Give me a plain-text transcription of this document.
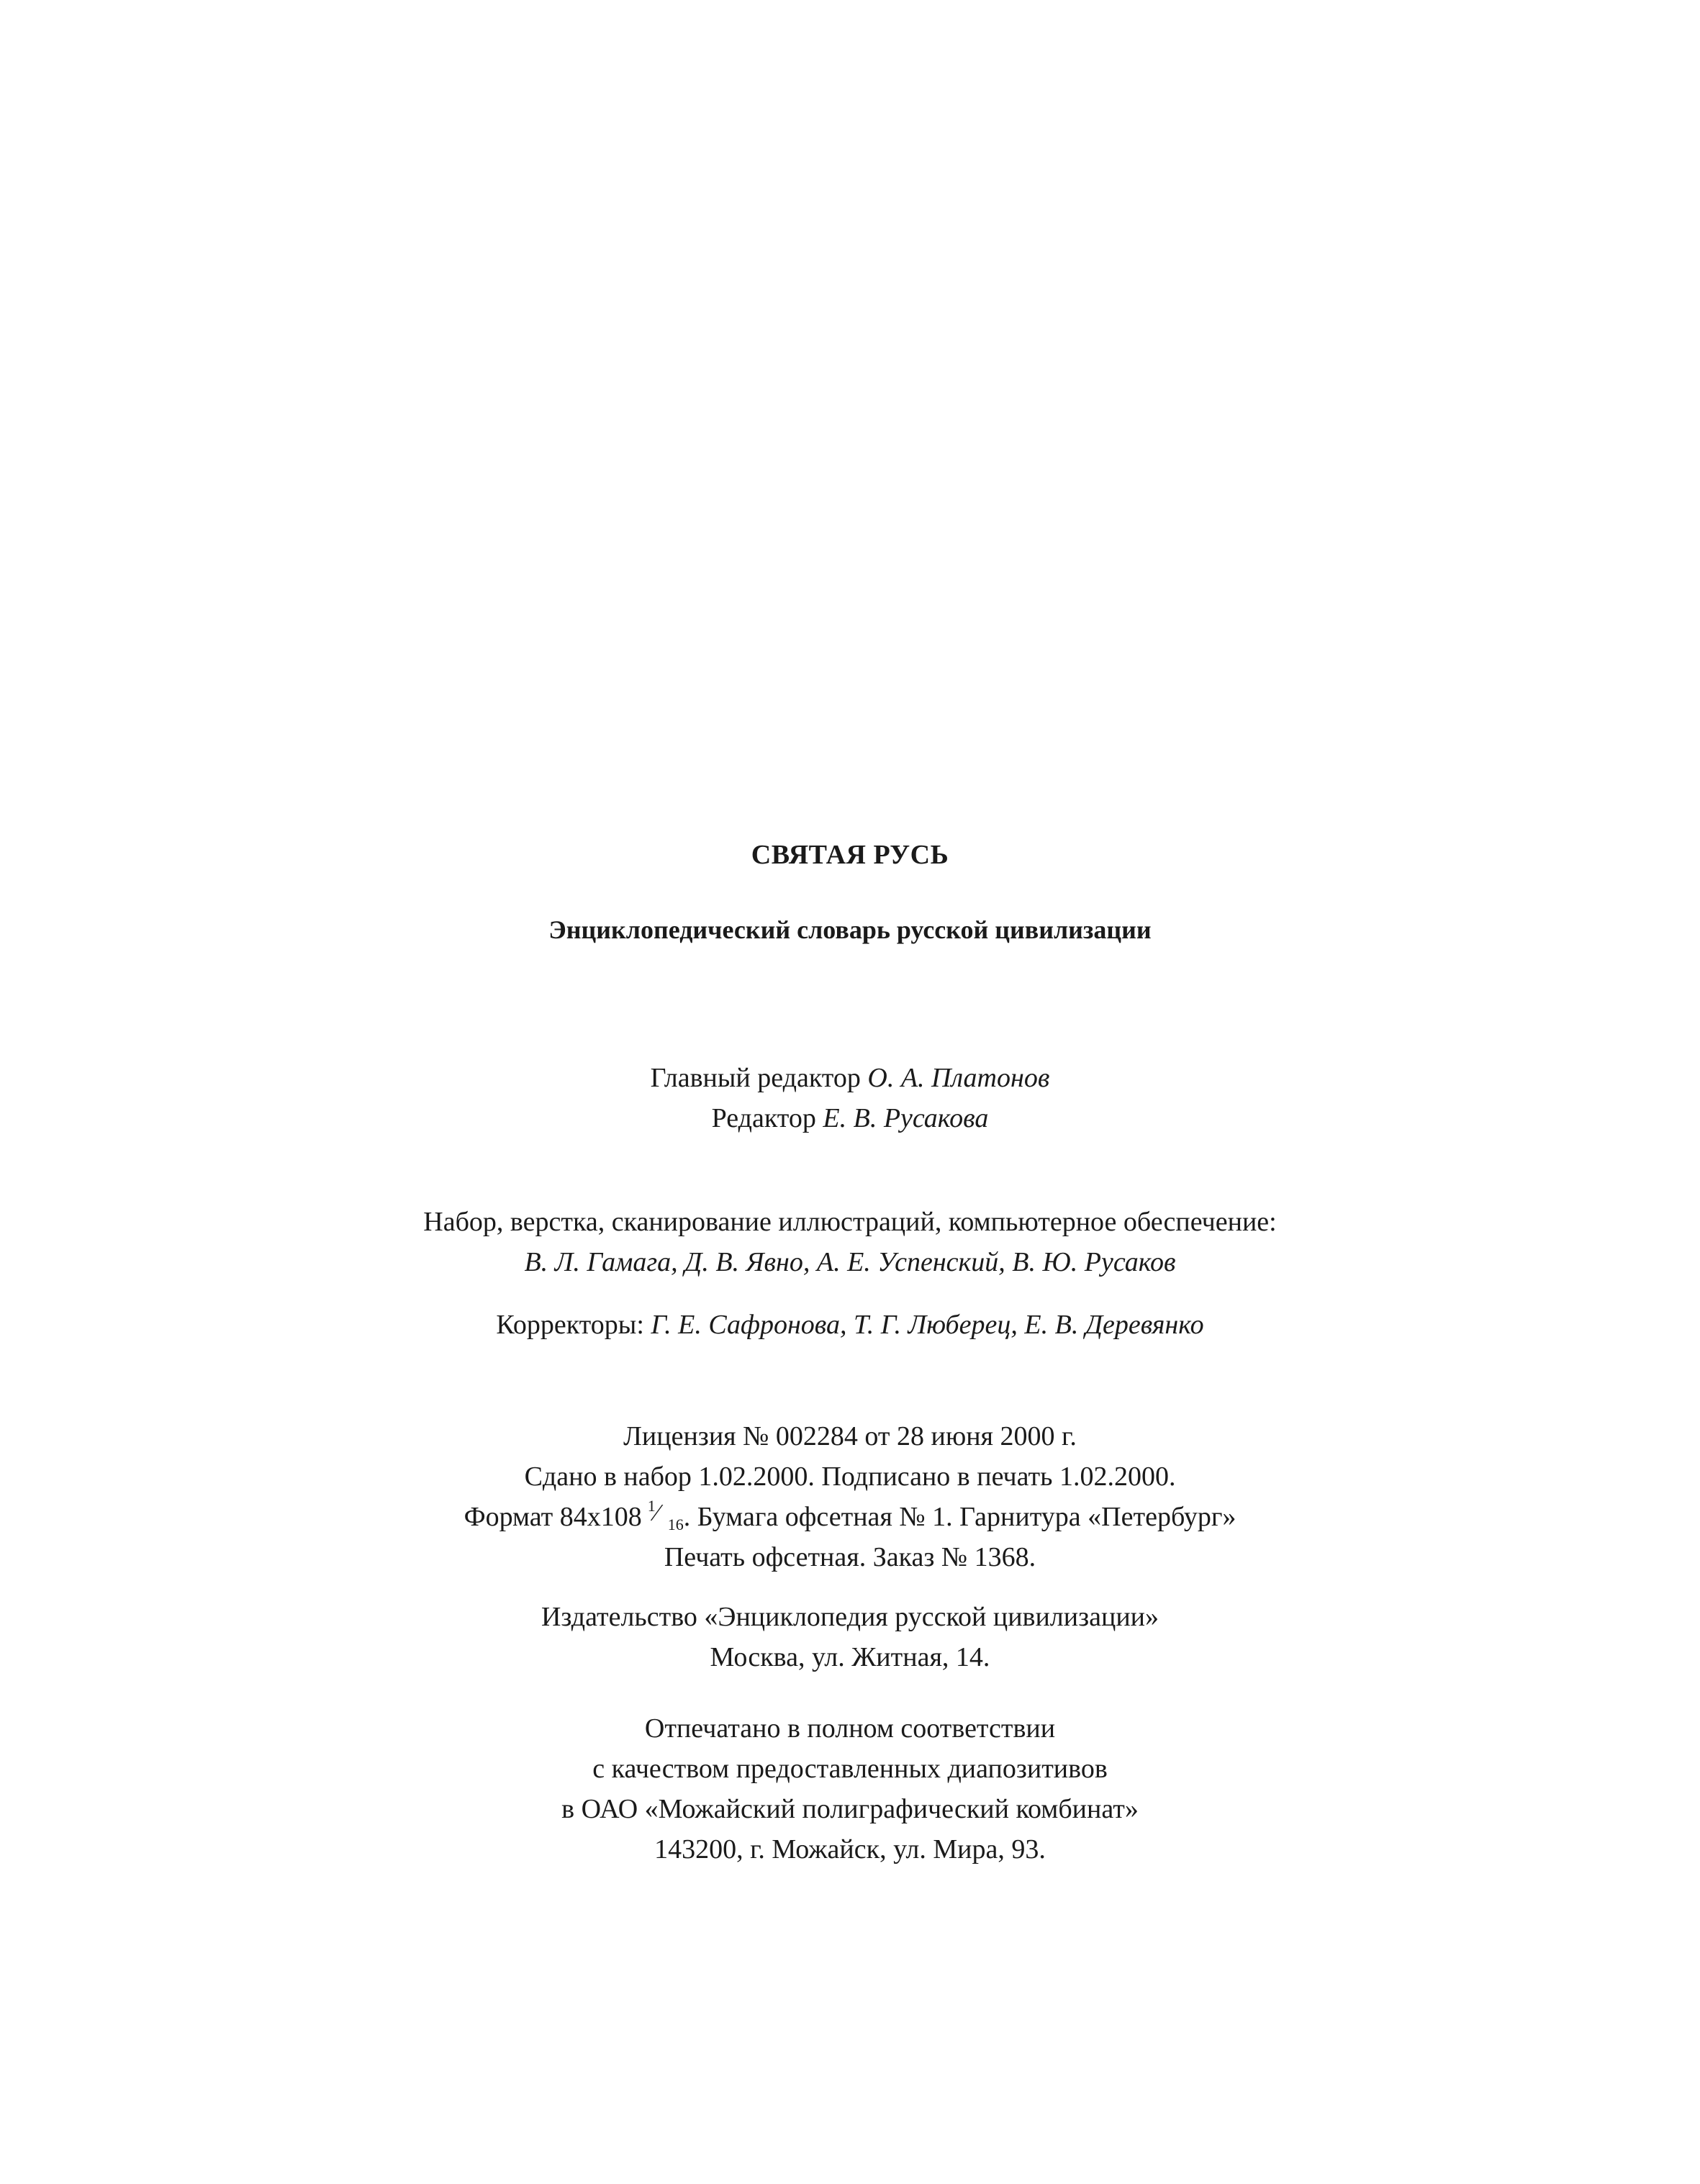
СВЯТАЯ РУСЬ
Энциклопедический словарь русской цивилизации
Главный редактор О. А. Платонов
Редактор Е. В. Русакова
Набор, верстка, сканирование иллюстраций, компьютерное обеспечение:
В. Л. Гамага, Д. В. Явно, А. Е. Успенский, В. Ю. Русаков
Корректоры: Г. Е. Сафронова, Т. Г. Люберец, Е. В. Деревянко
Лицензия № 002284 от 28 июня 2000 г.
Сдано в набор 1.02.2000. Подписано в печать 1.02.2000.
Формат 84x108 1 ⁄ 16 . Бумага офсетная № 1. Гарнитура «Петербург»
Печать офсетная. Заказ № 1368.
Издательство «Энциклопедия русской цивилизации»
Москва, ул. Житная, 14.
Отпечатано в полном соответствии
с качеством предоставленных диапозитивов
в ОАО «Можайский полиграфический комбинат»
143200, г. Можайск, ул. Мира, 93.
